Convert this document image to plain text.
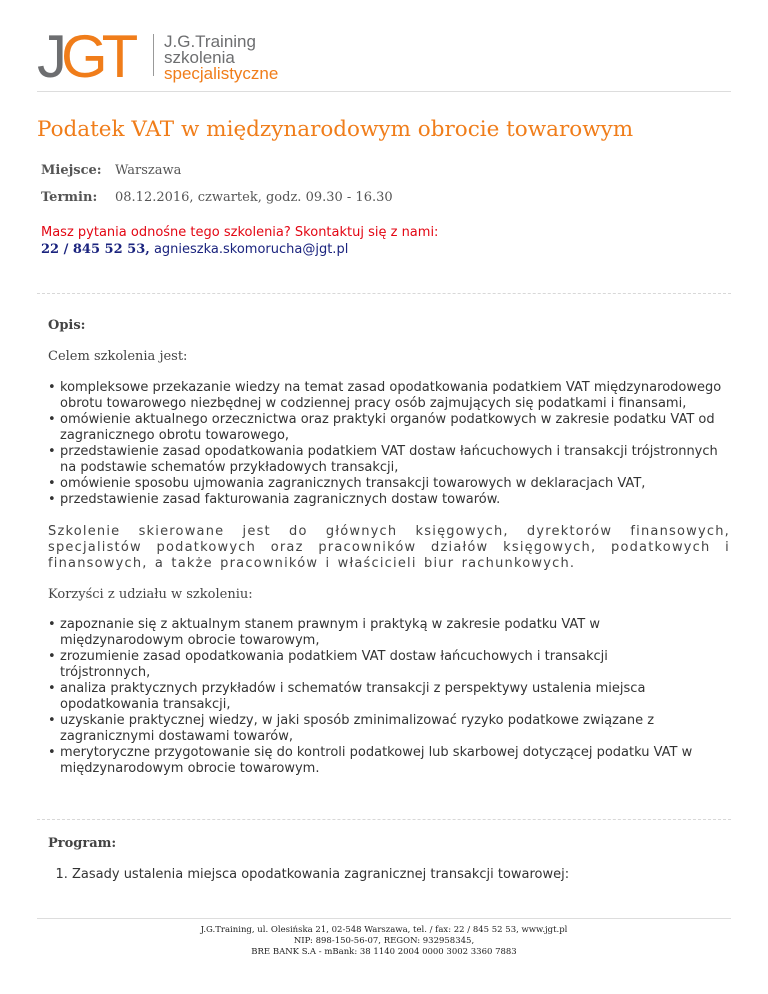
JGT J.G.Training
szkolenia
specjalistyczne
Podatek VAT w międzynarodowym obrocie towarowym
Miejsce:	Warszawa
Termin:	08.12.2016, czwartek, godz. 09.30 - 16.30
Masz pytania odnośne tego szkolenia? Skontaktuj się z nami:
22 / 845 52 53, agnieszka.skomorucha@jgt.pl
Opis:
Celem szkolenia jest:
• kompleksowe przekazanie wiedzy na temat zasad opodatkowania podatkiem VAT międzynarodowego obrotu towarowego niezbędnej w codziennej pracy osób zajmujących się podatkami i finansami,
• omówienie aktualnego orzecznictwa oraz praktyki organów podatkowych w zakresie podatku VAT od zagranicznego obrotu towarowego,
• przedstawienie zasad opodatkowania podatkiem VAT dostaw łańcuchowych i transakcji trójstronnych na podstawie schematów przykładowych transakcji,
• omówienie sposobu ujmowania zagranicznych transakcji towarowych w deklaracjach VAT,
• przedstawienie zasad fakturowania zagranicznych dostaw towarów.
Szkolenie skierowane jest do głównych księgowych, dyrektorów finansowych, specjalistów podatkowych oraz pracowników działów księgowych, podatkowych i finansowych, a także pracowników i właścicieli biur rachunkowych.
Korzyści z udziału w szkoleniu:
• zapoznanie się z aktualnym stanem prawnym i praktyką w zakresie podatku VAT w międzynarodowym obrocie towarowym,
• zrozumienie zasad opodatkowania podatkiem VAT dostaw łańcuchowych i transakcji trójstronnych,
• analiza praktycznych przykładów i schematów transakcji z perspektywy ustalenia miejsca opodatkowania transakcji,
• uzyskanie praktycznej wiedzy, w jaki sposób zminimalizować ryzyko podatkowe związane z zagranicznymi dostawami towarów,
• merytoryczne przygotowanie się do kontroli podatkowej lub skarbowej dotyczącej podatku VAT w międzynarodowym obrocie towarowym.
Program:
1. Zasady ustalenia miejsca opodatkowania zagranicznej transakcji towarowej:
J.G.Training, ul. Olesińska 21, 02-548 Warszawa, tel. / fax: 22 / 845 52 53, www.jgt.pl
NIP: 898-150-56-07, REGON: 932958345,
BRE BANK S.A - mBank: 38 1140 2004 0000 3002 3360 7883
